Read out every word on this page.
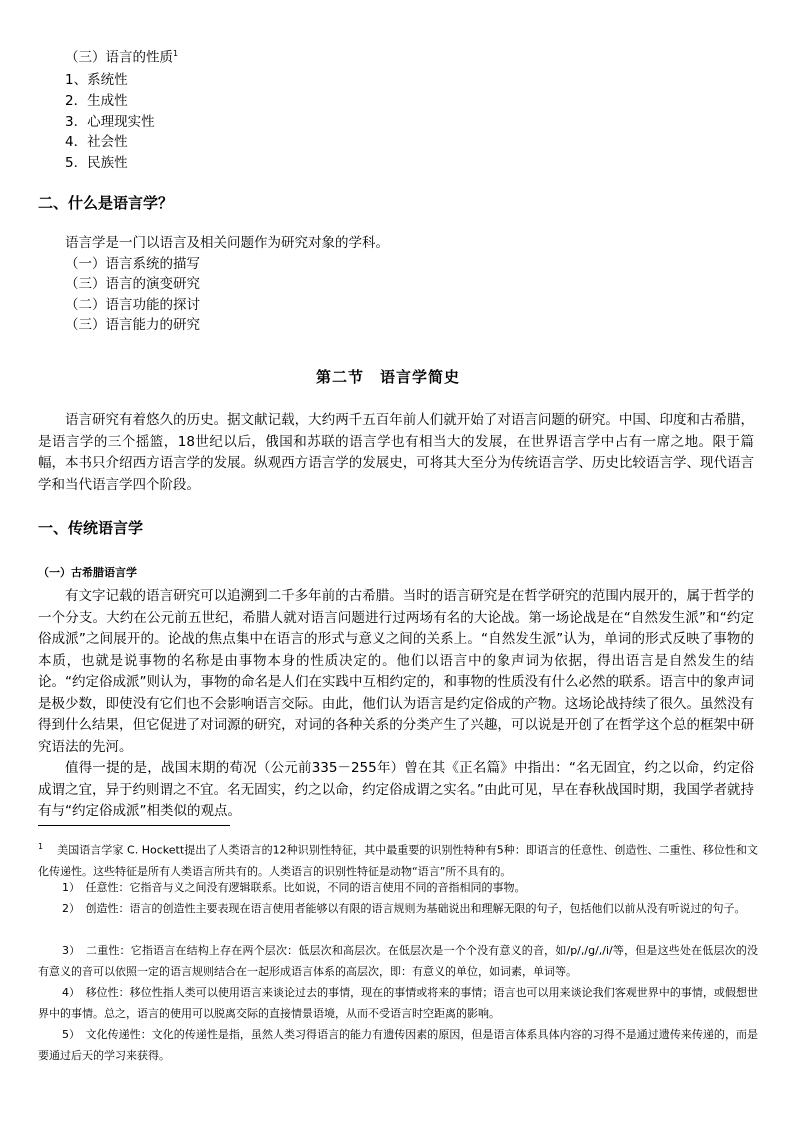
（三）语言的性质$^1$
1、系统性
2．生成性
3．心理现实性
4．社会性
5．民族性
二、什么是语言学？
语言学是一门以语言及相关问题作为研究对象的学科。
（一）语言系统的描写
（三）语言的演变研究
（二）语言功能的探讨
（三）语言能力的研究
第二节　语言学简史
语言研究有着悠久的历史。据文献记载，大约两千五百年前人们就开始了对语言问题的研究。中国、印度和古希腊，是语言学的三个摇篮，18世纪以后，俄国和苏联的语言学也有相当大的发展，在世界语言学中占有一席之地。限于篇幅，本书只介绍西方语言学的发展。纵观西方语言学的发展史，可将其大至分为传统语言学、历史比较语言学、现代语言学和当代语言学四个阶段。
一、传统语言学
（一）古希腊语言学
有文字记载的语言研究可以追溯到二千多年前的古希腊。当时的语言研究是在哲学研究的范围内展开的，属于哲学的一个分支。大约在公元前五世纪，希腊人就对语言问题进行过两场有名的大论战。第一场论战是在“自然发生派”和“约定俗成派”之间展开的。论战的焦点集中在语言的形式与意义之间的关系上。“自然发生派”认为，单词的形式反映了事物的本质，也就是说事物的名称是由事物本身的性质决定的。他们以语言中的象声词为依据，得出语言是自然发生的结论。“约定俗成派”则认为，事物的命名是人们在实践中互相约定的，和事物的性质没有什么必然的联系。语言中的象声词是极少数，即使没有它们也不会影响语言交际。由此，他们认为语言是约定俗成的产物。这场论战持续了很久。虽然没有得到什么结果，但它促进了对词源的研究，对词的各种关系的分类产生了兴趣，可以说是开创了在哲学这个总的框架中研究语法的先河。
值得一提的是，战国末期的荀况（公元前335－255年）曾在其《正名篇》中指出：“名无固宜，约之以命，约定俗成谓之宜，异于约则谓之不宜。名无固实，约之以命，约定俗成谓之实名。”由此可见，早在春秋战国时期，我国学者就持有与“约定俗成派”相类似的观点。
$^1$ 美国语言学家 C. Hockett提出了人类语言的12种识别性特征，其中最重要的识别性特种有5种：即语言的任意性、创造性、二重性、移位性和文化传递性。这些特征是所有人类语言所共有的。人类语言的识别性特征是动物“语言”所不具有的。
1）　任意性：它指音与义之间没有逻辑联系。比如说，不同的语言使用不同的音指相同的事物。
2）　创造性：语言的创造性主要表现在语言使用者能够以有限的语言规则为基础说出和理解无限的句子，包括他们以前从没有听说过的句子。
3）　二重性：它指语言在结构上存在两个层次：低层次和高层次。在低层次是一个个没有意义的音，如/p/,/g/,/i/等，但是这些处在低层次的没有意义的音可以依照一定的语言规则结合在一起形成语言体系的高层次，即：有意义的单位，如词素，单词等。
4）　移位性：移位性指人类可以使用语言来谈论过去的事情，现在的事情或将来的事情；语言也可以用来谈论我们客观世界中的事情，或假想世界中的事情。总之，语言的使用可以脱离交际的直接情景语境，从而不受语言时空距离的影响。
5）　文化传递性：文化的传递性是指，虽然人类习得语言的能力有遗传因素的原因，但是语言体系具体内容的习得不是通过遗传来传递的，而是要通过后天的学习来获得。
